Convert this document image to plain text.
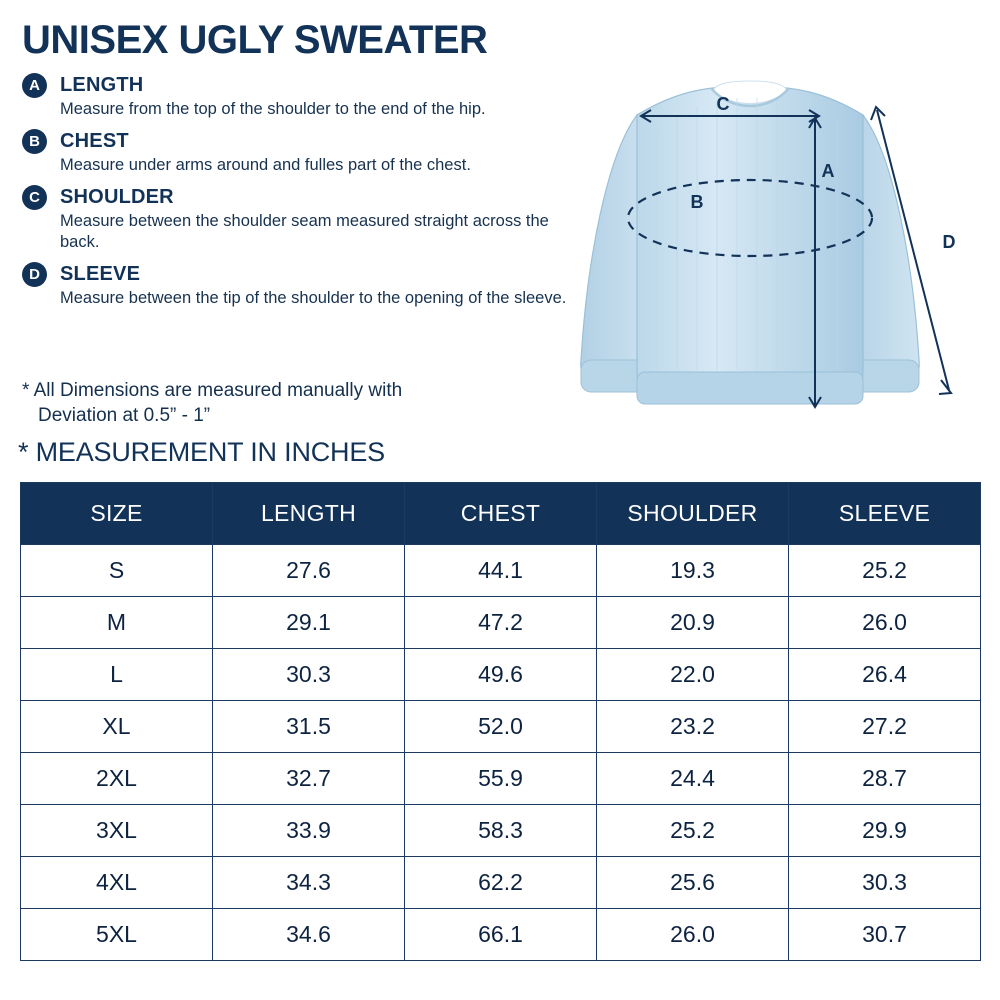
UNISEX UGLY SWEATER
A	LENGTH
Measure from the top of the shoulder to the end of the hip.
B	CHEST
Measure under arms around and fulles part of the chest.
C	SHOULDER
Measure between the shoulder seam measured straight across the back.
D	SLEEVE
Measure between the tip of the shoulder to the opening of the sleeve.
* All Dimensions are measured manually with
Deviation at 0.5” - 1”
* MEASUREMENT IN INCHES
C
A
B
D
SIZE	LENGTH	CHEST	SHOULDER	SLEEVE
S	27.6	44.1	19.3	25.2
M	29.1	47.2	20.9	26.0
L	30.3	49.6	22.0	26.4
XL	31.5	52.0	23.2	27.2
2XL	32.7	55.9	24.4	28.7
3XL	33.9	58.3	25.2	29.9
4XL	34.3	62.2	25.6	30.3
5XL	34.6	66.1	26.0	30.7
